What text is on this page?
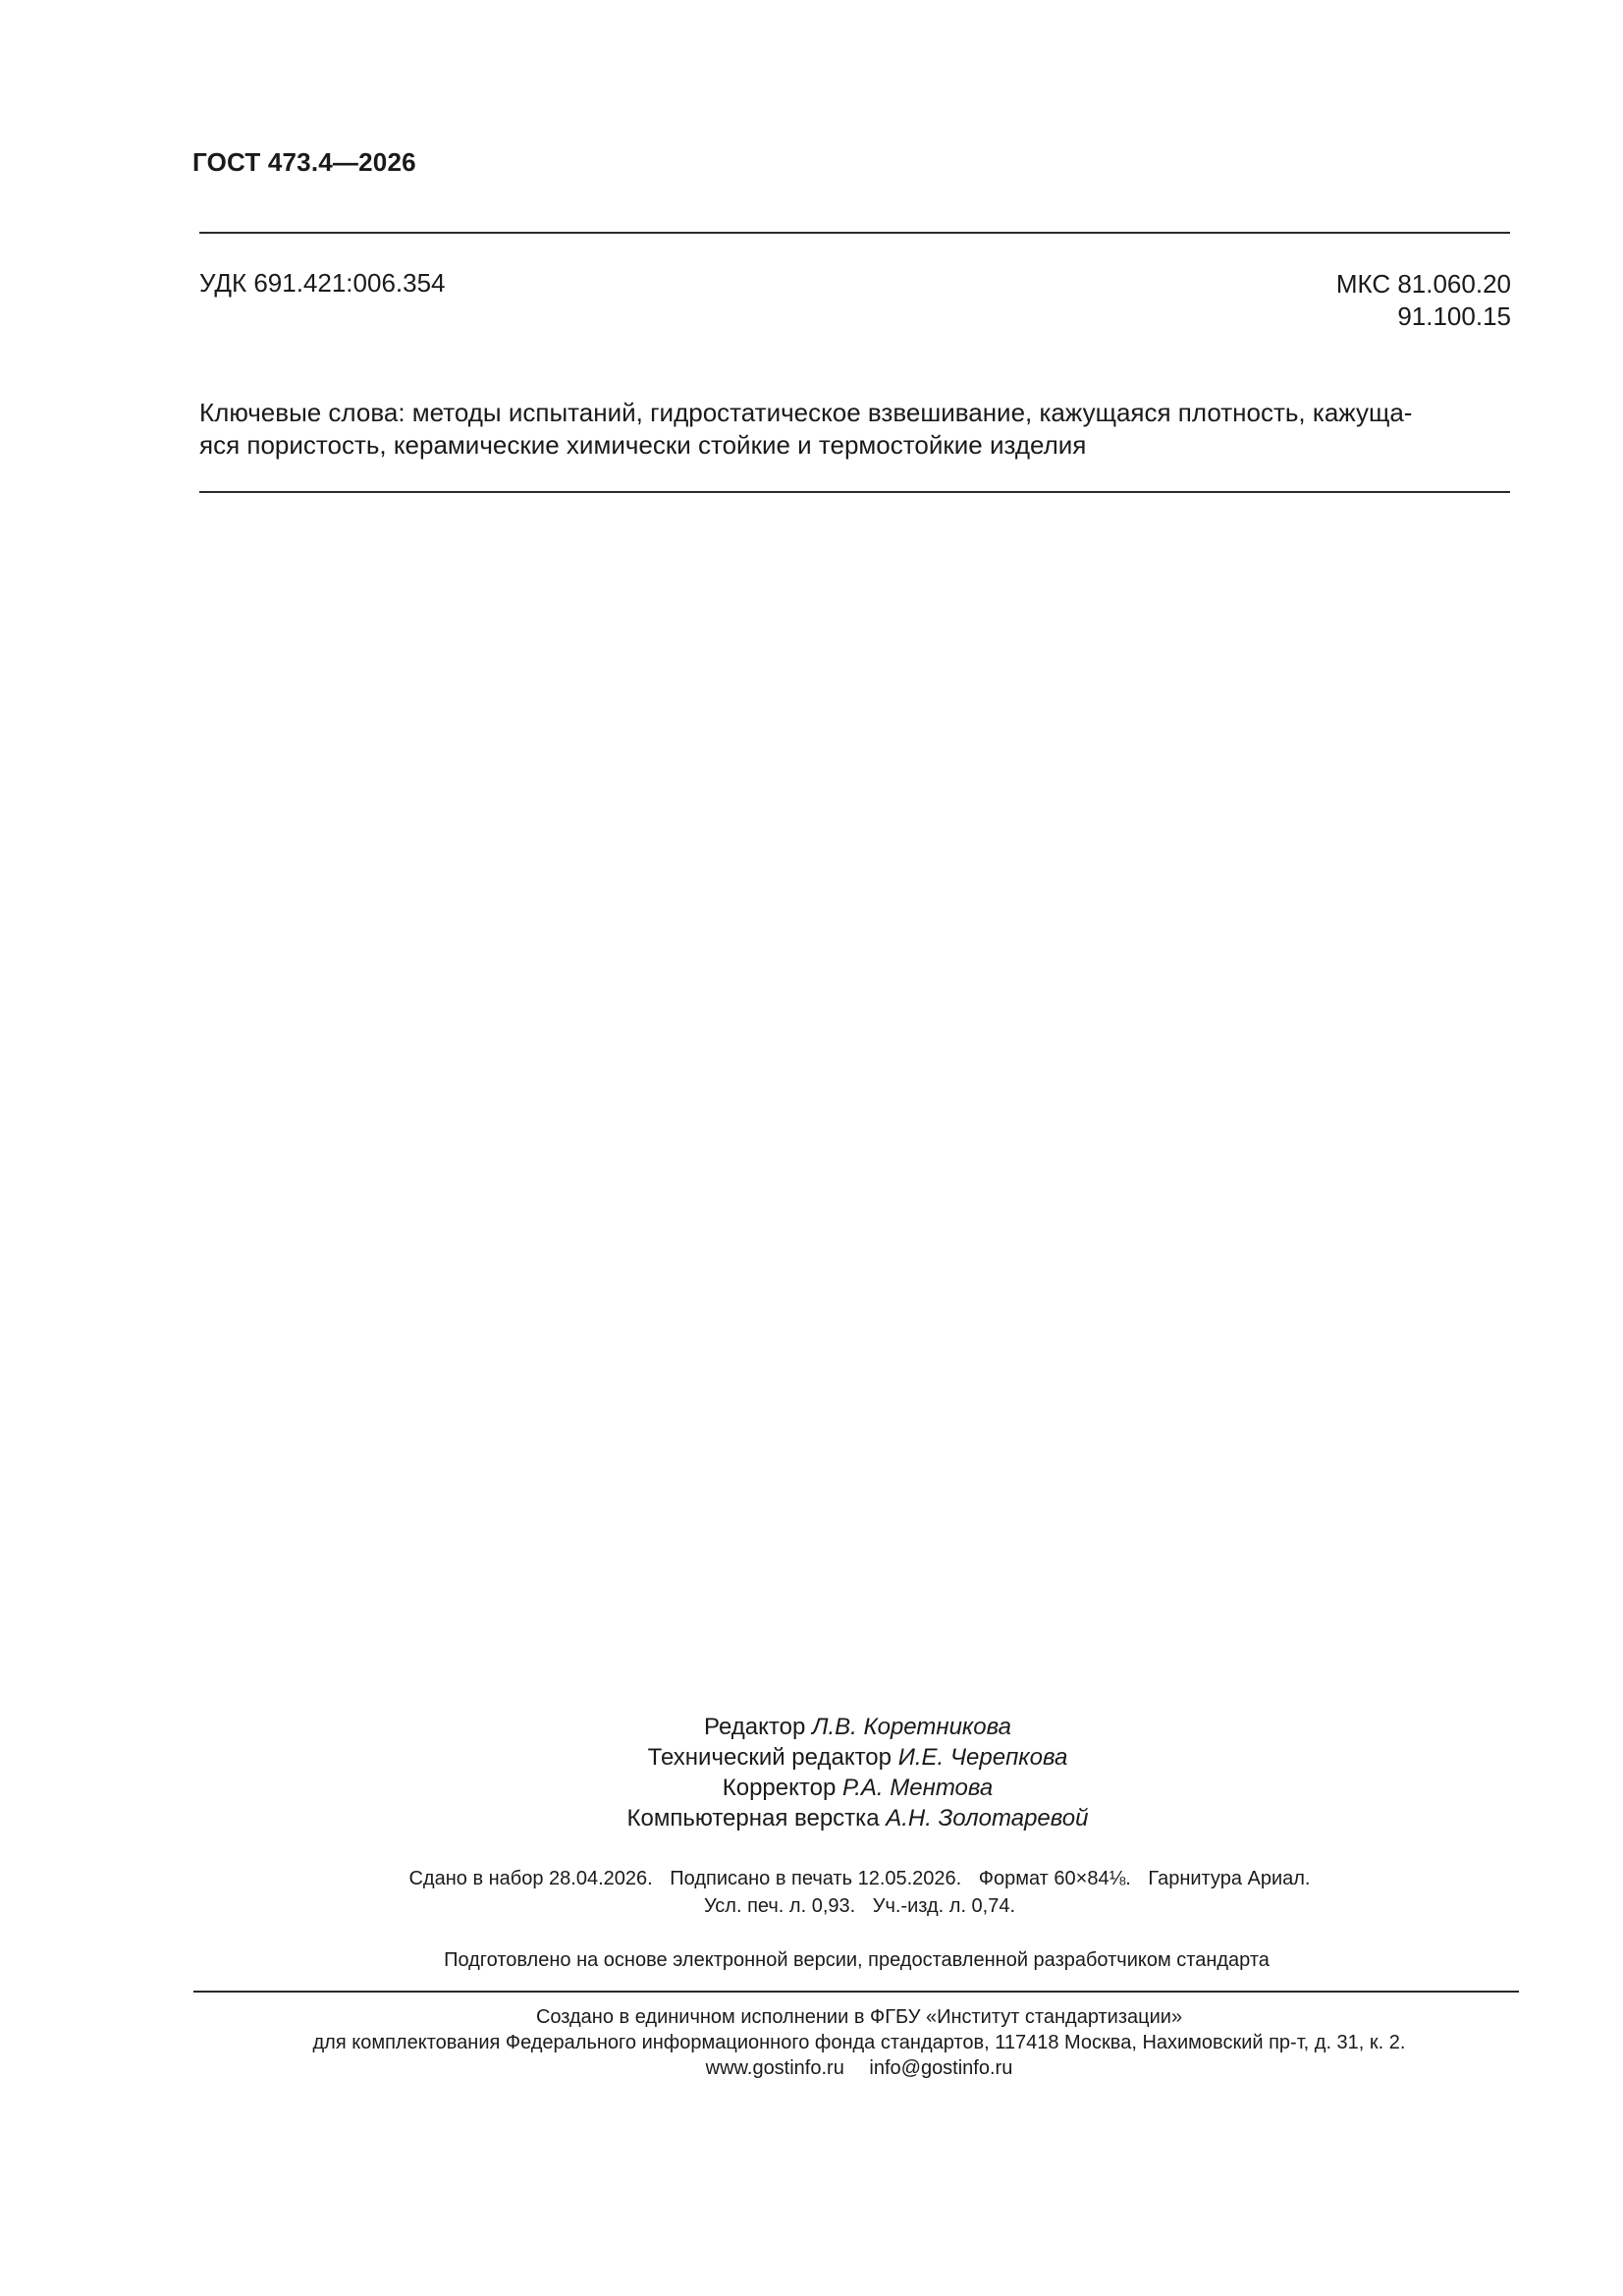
ГОСТ 473.4—2026
УДК 691.421:006.354	МКС 81.060.20
91.100.15
Ключевые слова: методы испытаний, гидростатическое взвешивание, кажущаяся плотность, кажуща-
яся пористость, керамические химически стойкие и термостойкие изделия
Редактор Л.В. Коретникова
Технический редактор И.Е. Черепкова
Корректор Р.А. Ментова
Компьютерная верстка А.Н. Золотаревой
Сдано в набор 28.04.2026. Подписано в печать 12.05.2026. Формат 60×84⅛. Гарнитура Ариал.
Усл. печ. л. 0,93. Уч.-изд. л. 0,74.
Подготовлено на основе электронной версии, предоставленной разработчиком стандарта
Создано в единичном исполнении в ФГБУ «Институт стандартизации»
для комплектования Федерального информационного фонда стандартов, 117418 Москва, Нахимовский пр-т, д. 31, к. 2.
www.gostinfo.ru info@gostinfo.ru
